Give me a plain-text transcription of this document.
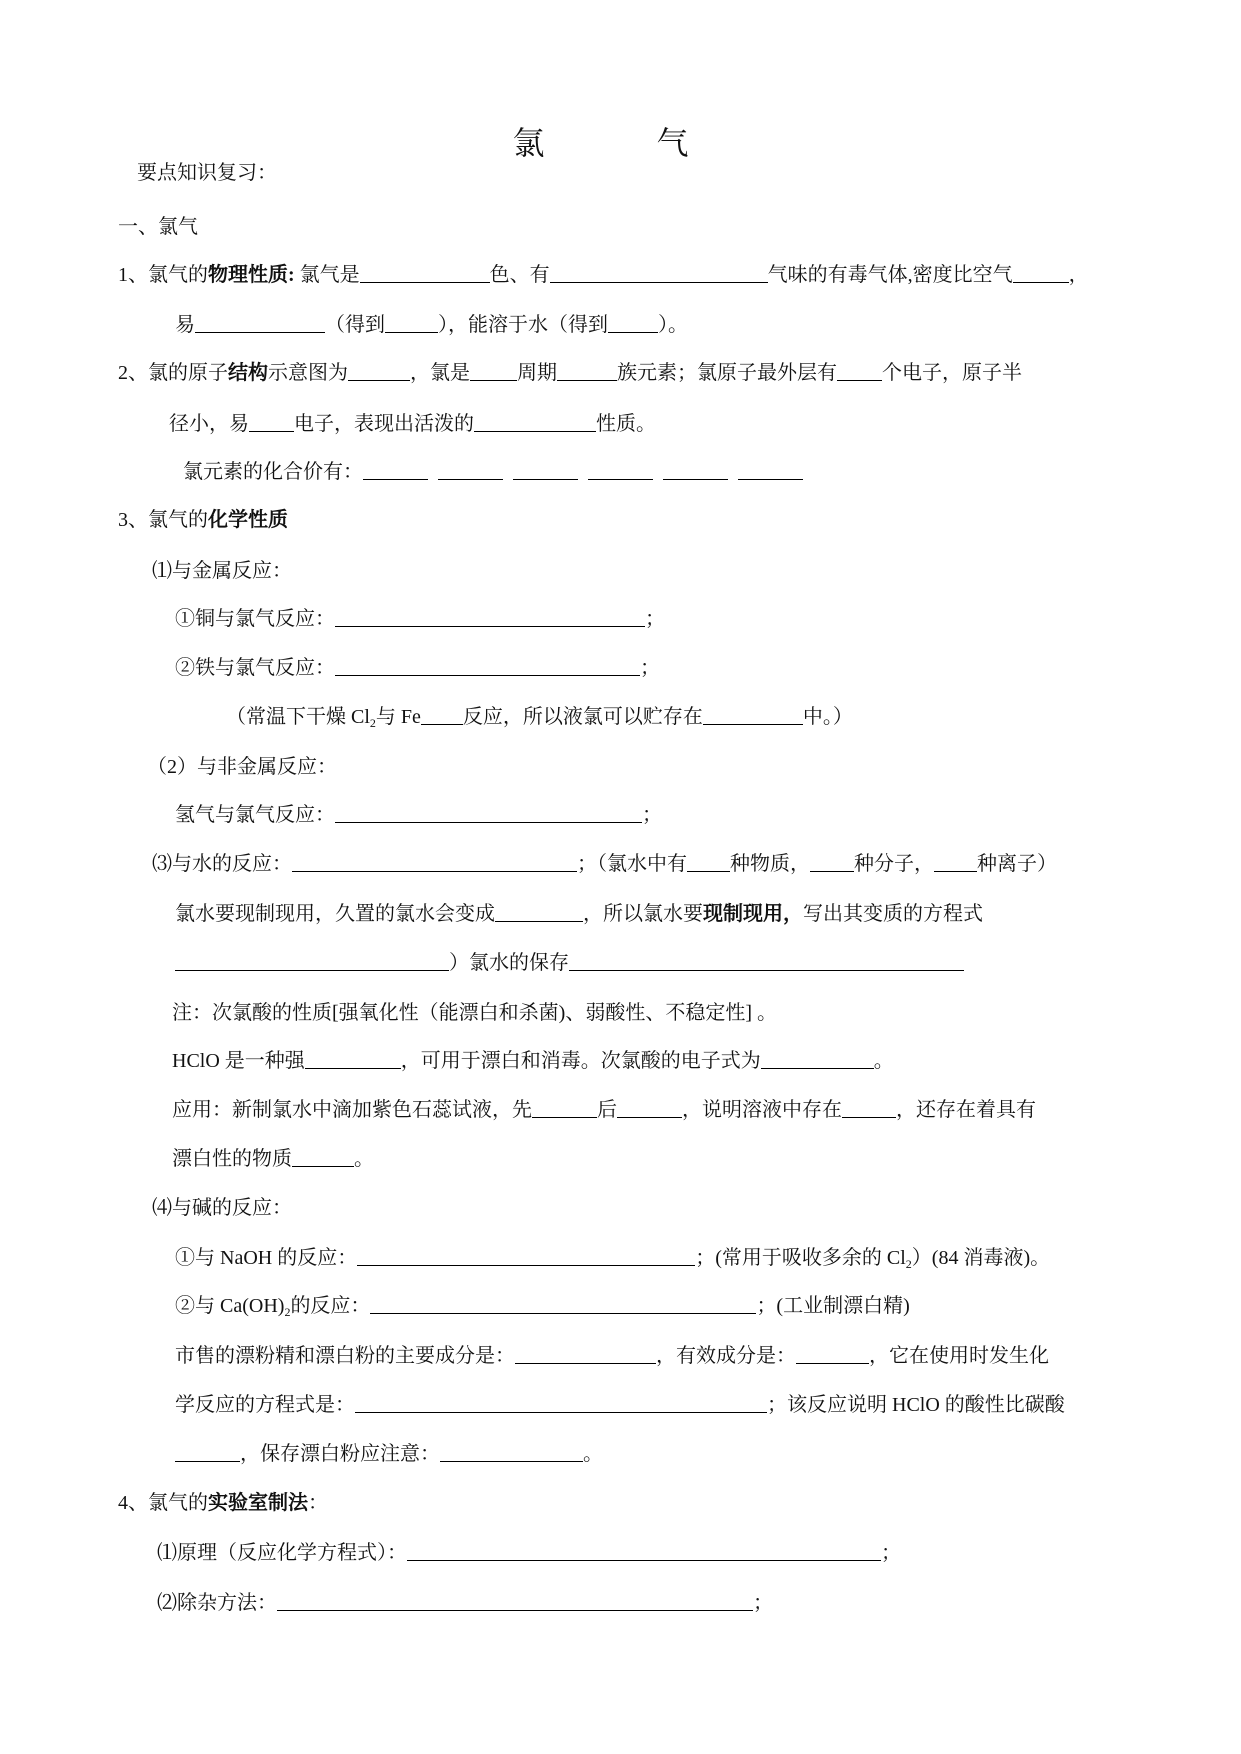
氯　气
要点知识复习：
一、氯气
1、氯气的物理性质: 氯气是	色、有	气味的有毒气体,密度比空气	，
易	（得到	），能溶于水（得到	）。
2、氯的原子结构示意图为	，氯是 周期	族元素；氯原子最外层有 个电子，原子半
径小，易 电子，表现出活泼的	性质。
氯元素的化合价有：
3、氯气的化学性质
⑴与金属反应：
①铜与氯气反应：	；
②铁与氯气反应：	；
（常温下干燥 $Cl_2$与 Fe 反应，所以液氯可以贮存在	中。）
（2）与非金属反应：
氢气与氯气反应：	；
⑶与水的反应：	；（氯水中有 种物质， 种分子， 种离子）
氯水要现制现用，久置的氯水会变成	，所以氯水要现制现用，写出其变质的方程式
）氯水的保存
注：次氯酸的性质[强氧化性（能漂白和杀菌)、弱酸性、不稳定性] 。
HClO 是一种强	，可用于漂白和消毒。次氯酸的电子式为	。
应用：新制氯水中滴加紫色石蕊试液，先	后	，说明溶液中存在	，还存在着具有
漂白性的物质	。
⑷与碱的反应：
①与 NaOH 的反应：	；(常用于吸收多余的 $Cl_2)(84$ 消毒液)。
②与 $Ca(OH)_2$的反应：	；(工业制漂白精)
市售的漂粉精和漂白粉的主要成分是：	，有效成分是：	，它在使用时发生化
学反应的方程式是：	；该反应说明 HClO 的酸性比碳酸
，保存漂白粉应注意：	。
4、氯气的实验室制法：
⑴原理（反应化学方程式）：	；
⑵除杂方法：	；
